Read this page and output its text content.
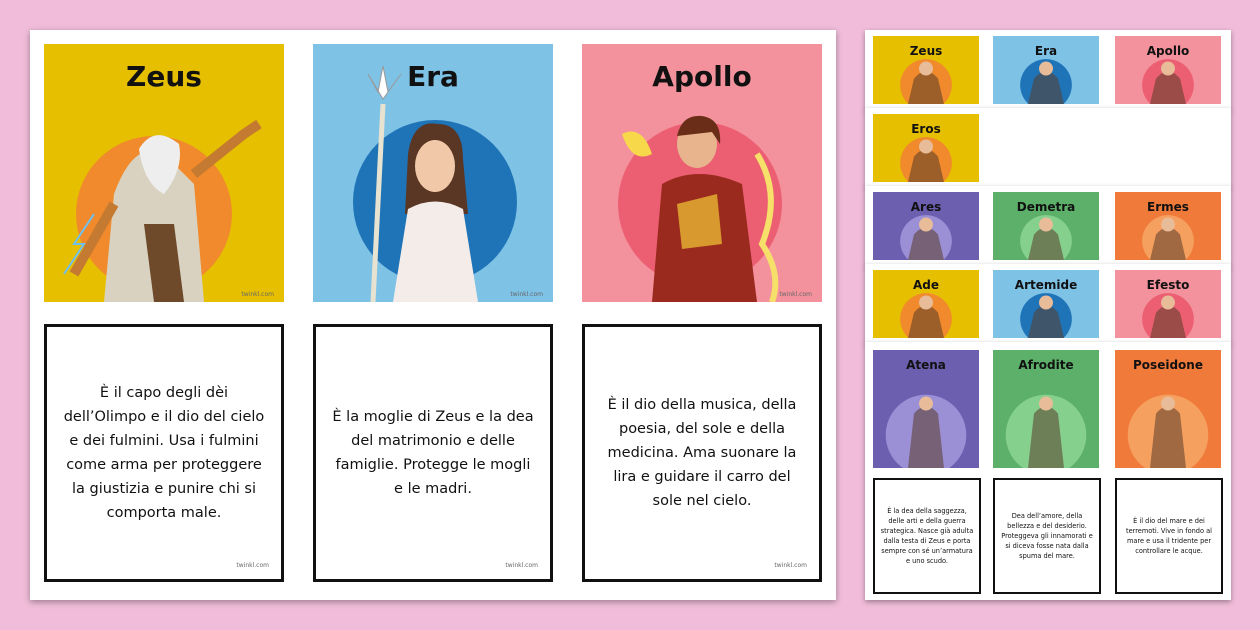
Zeus
twinkl.com
Era
twinkl.com
Apollo
twinkl.com
È il capo degli dèi dell’Olimpo e il dio del cielo e dei fulmini. Usa i fulmini come arma per proteggere la giustizia e punire chi si comporta male.
twinkl.com
È la moglie di Zeus e la dea del matrimonio e delle famiglie. Protegge le mogli e le madri.
twinkl.com
È il dio della musica, della poesia, del sole e della medicina. Ama suonare la lira e guidare il carro del sole nel cielo.
twinkl.com
Zeus	Era	Apollo
Eros
Ares	Demetra	Ermes
Ade	Artemide	Efesto
Atena	Afrodite	Poseidone
È la dea della saggezza, delle arti e della guerra strategica. Nasce già adulta dalla testa di Zeus e porta sempre con sé un’armatura e uno scudo.
Dea dell’amore, della bellezza e del desiderio. Proteggeva gli innamorati e si diceva fosse nata dalla spuma del mare.
È il dio del mare e dei terremoti. Vive in fondo al mare e usa il tridente per controllare le acque.
